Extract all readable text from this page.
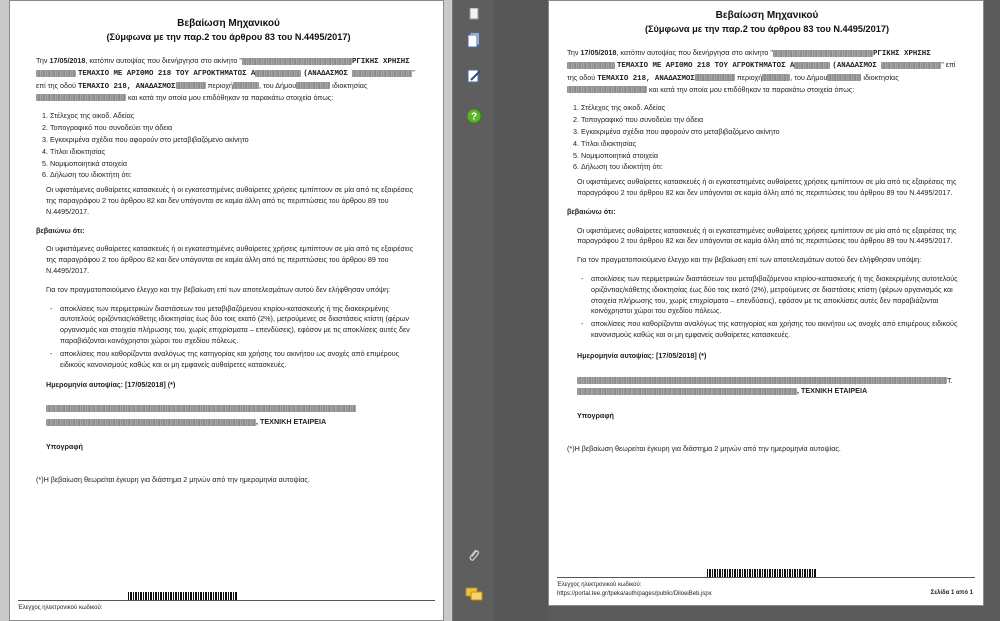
Βεβαίωση Μηχανικού
(Σύμφωνα με την παρ.2 του άρθρου 83 του Ν.4495/2017)
Την 17/05/2018, κατόπιν αυτοψίας που διενήργησα στο ακίνητο "	ΡΓΙΚΗΣ ΧΡΗΣΗΣ  ΤΕΜΑΧΙΟ ΜΕ ΑΡΙΘΜΟ 218 ΤΟΥ ΑΓΡΟΚΤΗΜΑΤΟΣ Α	(ΑΝΑΔΑΣΜΟΣ	" επί της οδού ΤΕΜΑΧΙΟ 218, ΑΝΑΔΑΣΜΟΣ	περιοχή	, του Δήμου	ιδιοκτησίας και κατά την οποία μου επιδόθηκαν τα παρακάτω στοιχεία όπως:
1. Στέλεχος της οικοδ. Αδείας
2. Τοπογραφικό που συνοδεύει την άδεια
3. Εγκεκριμένα σχέδια που αφορούν στο μεταβιβαζόμενο ακίνητο
4. Τίτλοι ιδιοκτησίας
5. Νομιμοποιητικά στοιχεία
6. Δήλωση του ιδιοκτήτη ότι:
Οι υφιστάμενες αυθαίρετες κατασκευές ή οι εγκατεστημένες αυθαίρετες χρήσεις εμπίπτουν σε μία από τις εξαιρέσεις της παραγράφου 2 του άρθρου 82 και δεν υπάγονται σε καμία άλλη από τις περιπτώσεις του άρθρου 89 του Ν.4495/2017.
βεβαιώνω ότι:
Οι υφιστάμενες αυθαίρετες κατασκευές ή οι εγκατεστημένες αυθαίρετες χρήσεις εμπίπτουν σε μία από τις εξαιρέσεις της παραγράφου 2 του άρθρου 82 και δεν υπάγονται σε καμία άλλη από τις περιπτώσεις του άρθρου 89 του Ν.4495/2017.
Για τον πραγματοποιούμενο έλεγχο και την βεβαίωση επί των αποτελεσμάτων αυτού δεν ελήφθησαν υπόψη:
- αποκλίσεις των περιμετρικών διαστάσεων του μεταβιβαζόμενου κτιρίου-κατασκευής ή της διακεκριμένης αυτοτελούς οριζόντιας/κάθετης ιδιοκτησίας έως δύο τοις εκατό (2%), μετρούμενες σε διαστάσεις κτίστη (φέρων οργανισμός και στοιχεία πλήρωσης του, χωρίς επιχρίσματα – επενδύσεις), εφόσον με τις αποκλίσεις αυτές δεν παραβιάζονται κοινόχρηστοι χώροι του σχεδίου πόλεως.
- αποκλίσεις που καθορίζονται αναλόγως της κατηγορίας και χρήσης του ακινήτου ως ανοχές από επιμέρους ειδικούς κανονισμούς καθώς και οι μη εμφανείς αυθαίρετες κατασκευές.
Ημερομηνία αυτοψίας: [17/05/2018] (*)

, ΤΕΧΝΙΚΗ ΕΤΑΙΡΕΙΑ
Υπογραφή
(*)Η βεβαίωση θεωρείται έγκυρη για διάστημα 2 μηνών από την ημερομηνία αυτοψίας.
Έλεγχος ηλεκτρονικού κωδικού:
?
Βεβαίωση Μηχανικού
(Σύμφωνα με την παρ.2 του άρθρου 83 του Ν.4495/2017)
Την 17/05/2018, κατόπιν αυτοψίας που διενήργησα στο ακίνητο "	ΡΓΙΚΗΣ ΧΡΗΣΗΣ  ΤΕΜΑΧΙΟ ΜΕ ΑΡΙΘΜΟ 218 ΤΟΥ ΑΓΡΟΚΤΗΜΑΤΟΣ Α	(ΑΝΑΔΑΣΜΟΣ	" επί της οδού ΤΕΜΑΧΙΟ 218, ΑΝΑΔΑΣΜΟΣ	περιοχή	, του Δήμου	ιδιοκτησίας και κατά την οποία μου επιδόθηκαν τα παρακάτω στοιχεία όπως:
1. Στέλεχος της οικοδ. Αδείας
2. Τοπογραφικό που συνοδεύει την άδεια
3. Εγκεκριμένα σχέδια που αφορούν στο μεταβιβαζόμενο ακίνητο
4. Τίτλοι ιδιοκτησίας
5. Νομιμοποιητικά στοιχεία
6. Δήλωση του ιδιοκτήτη ότι:
Οι υφιστάμενες αυθαίρετες κατασκευές ή οι εγκατεστημένες αυθαίρετες χρήσεις εμπίπτουν σε μία από τις εξαιρέσεις της παραγράφου 2 του άρθρου 82 και δεν υπάγονται σε καμία άλλη από τις περιπτώσεις του άρθρου 89 του Ν.4495/2017.
βεβαιώνω ότι:
Οι υφιστάμενες αυθαίρετες κατασκευές ή οι εγκατεστημένες αυθαίρετες χρήσεις εμπίπτουν σε μία από τις εξαιρέσεις της παραγράφου 2 του άρθρου 82 και δεν υπάγονται σε καμία άλλη από τις περιπτώσεις του άρθρου 89 του Ν.4495/2017.
Για τον πραγματοποιούμενο έλεγχο και την βεβαίωση επί των αποτελεσμάτων αυτού δεν ελήφθησαν υπόψη:
- αποκλίσεις των περιμετρικών διαστάσεων του μεταβιβαζόμενου κτιρίου-κατασκευής ή της διακεκριμένης αυτοτελούς οριζόντιας/κάθετης ιδιοκτησίας έως δύο τοις εκατό (2%), μετρούμενες σε διαστάσεις κτίστη (φέρων οργανισμός και στοιχεία πλήρωσης του, χωρίς επιχρίσματα – επενδύσεις), εφόσον με τις αποκλίσεις αυτές δεν παραβιάζονται κοινόχρηστοι χώροι του σχεδίου πόλεως.
- αποκλίσεις που καθορίζονται αναλόγως της κατηγορίας και χρήσης του ακινήτου ως ανοχές από επιμέρους ειδικούς κανονισμούς καθώς και οι μη εμφανείς αυθαίρετες κατασκευές.
Ημερομηνία αυτοψίας: [17/05/2018] (*)
Τ.
, ΤΕΧΝΙΚΗ ΕΤΑΙΡΕΙΑ
Υπογραφή
(*)Η βεβαίωση θεωρείται έγκυρη για διάστημα 2 μηνών από την ημερομηνία αυτοψίας.
Έλεγχος ηλεκτρονικού κωδικού:
https://portal.tee.gr/tpeka/auth/pages/public/DiloeiBeb.jspx	Σελίδα 1 από 1
